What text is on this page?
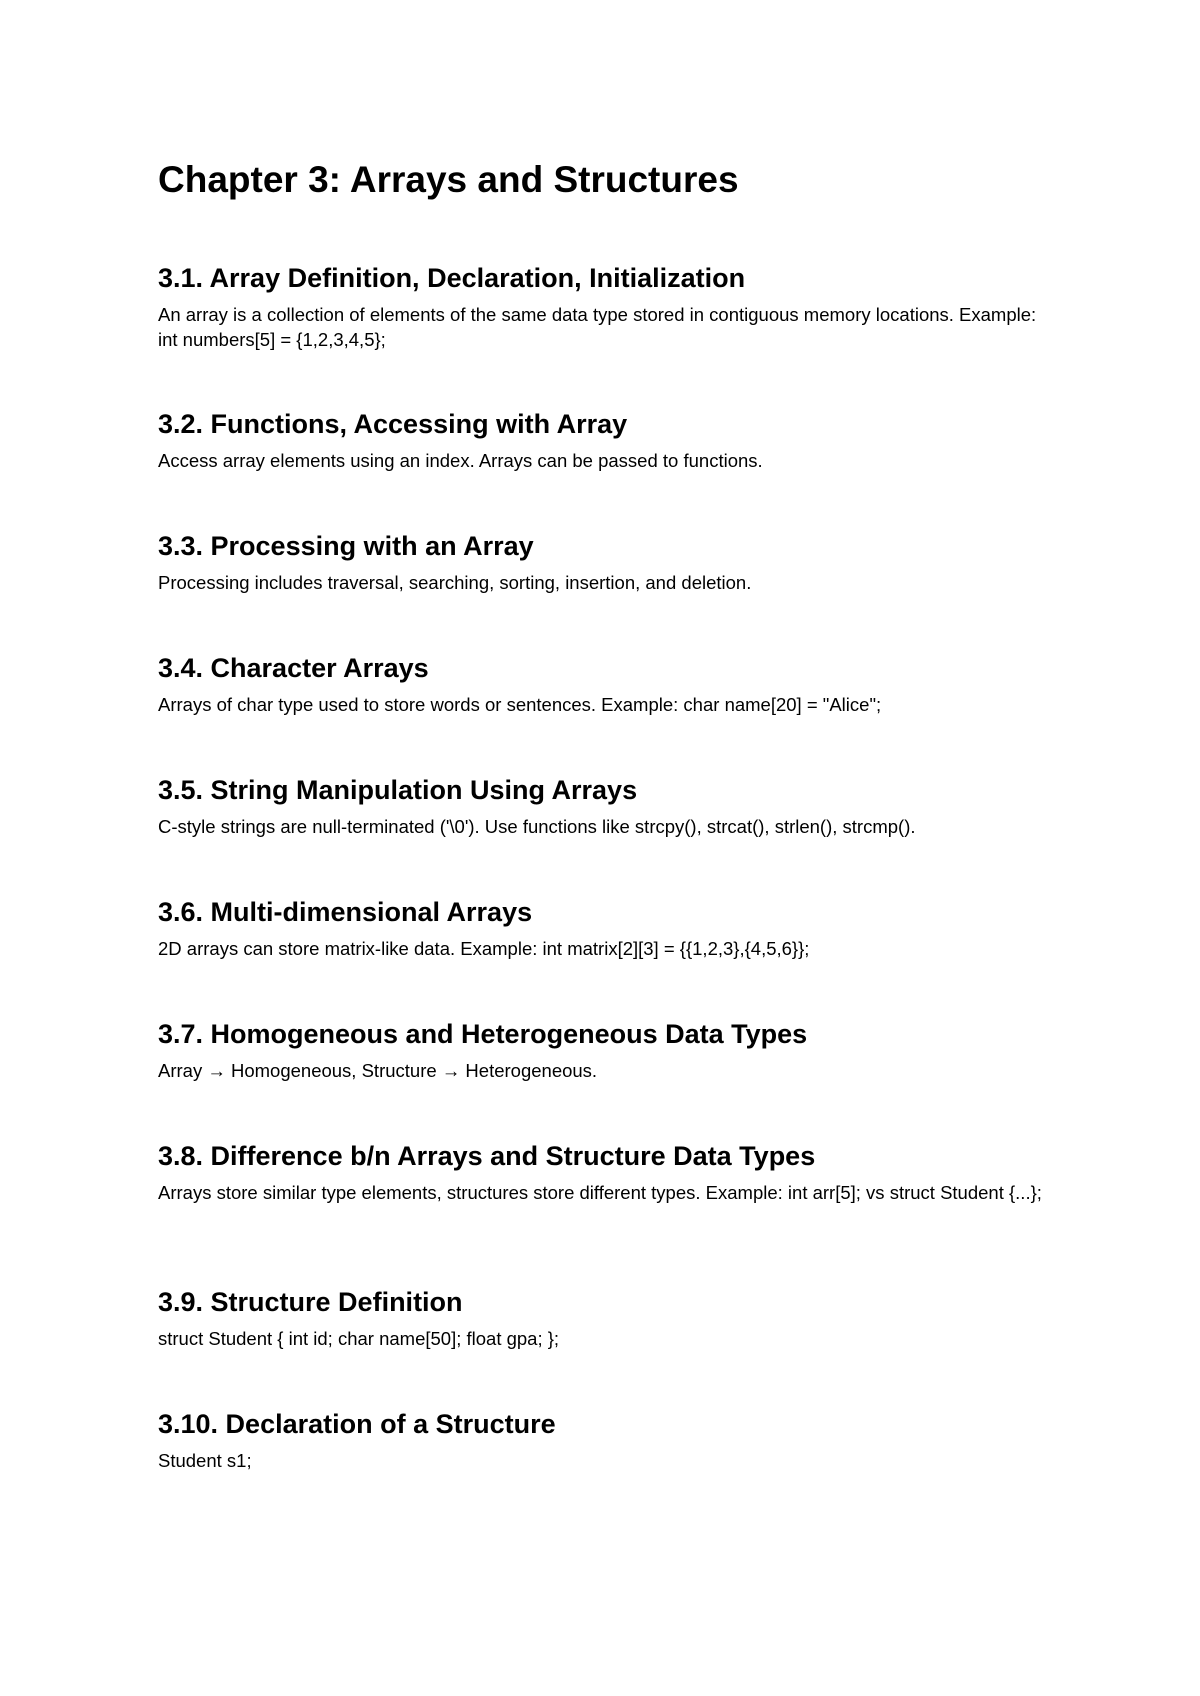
Chapter 3: Arrays and Structures
3.1. Array Definition, Declaration, Initialization

An array is a collection of elements of the same data type stored in contiguous memory locations. Example: int numbers[5] = {1,2,3,4,5};

3.2. Functions, Accessing with Array

Access array elements using an index. Arrays can be passed to functions.

3.3. Processing with an Array

Processing includes traversal, searching, sorting, insertion, and deletion.

3.4. Character Arrays

Arrays of char type used to store words or sentences. Example: char name[20] = "Alice";

3.5. String Manipulation Using Arrays

C-style strings are null-terminated ('\0'). Use functions like strcpy(), strcat(), strlen(), strcmp().

3.6. Multi-dimensional Arrays

2D arrays can store matrix-like data. Example: int matrix[2][3] = {{1,2,3},{4,5,6}};

3.7. Homogeneous and Heterogeneous Data Types

Array → Homogeneous, Structure → Heterogeneous.

3.8. Difference b/n Arrays and Structure Data Types

Arrays store similar type elements, structures store different types. Example: int arr[5]; vs struct Student {...};

3.9. Structure Definition

struct Student { int id; char name[50]; float gpa; };

3.10. Declaration of a Structure

Student s1;
